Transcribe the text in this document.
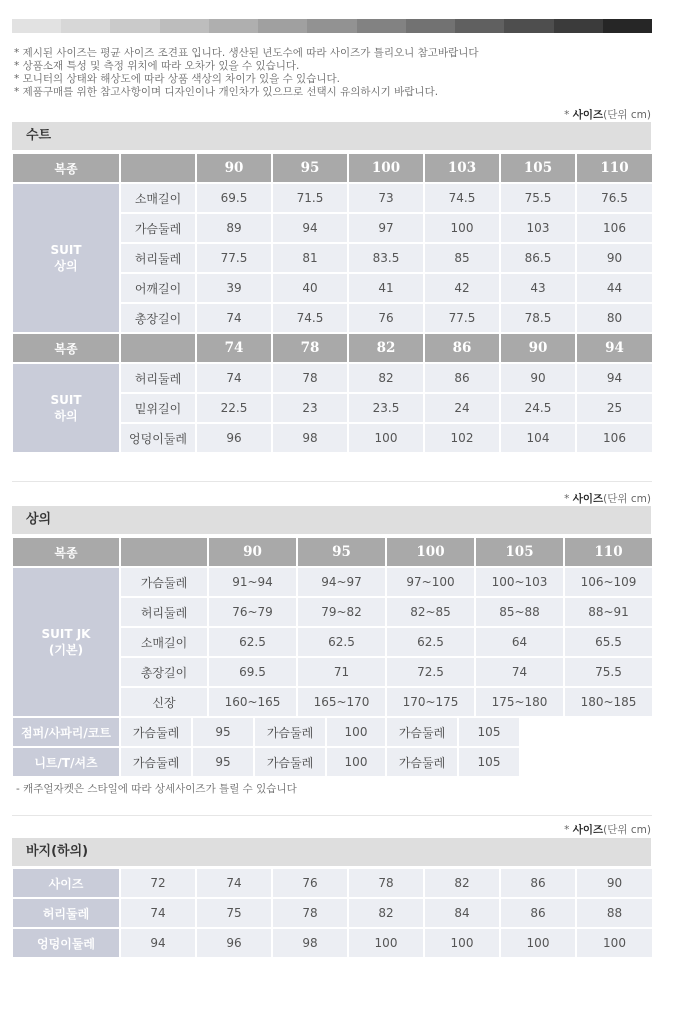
* 제시된 사이즈는 평균 사이즈 조견표 입니다. 생산된 년도수에 따라 사이즈가 틀리오니 참고바랍니다
* 상품소재 특성 및 측정 위치에 따라 오차가 있을 수 있습니다.
* 모니터의 상태와 해상도에 따라 상품 색상의 차이가 있을 수 있습니다.
* 제품구매를 위한 참고사항이며 디자인이나 개인차가 있으므로 선택시 유의하시기 바랍니다.
* 사이즈(단위 cm)
수트
복종		90	95	100	103	105	110

SUIT
상의	소매길이	69.5	71.5	73	74.5	75.5	76.5
	가슴둘레	89	94	97	100	103	106
	허리둘레	77.5	81	83.5	85	86.5	90
	어깨길이	39	40	41	42	43	44
	총장길이	74	74.5	76	77.5	78.5	80
복종		74	78	82	86	90	94

SUIT
하의	허리둘레	74	78	82	86	90	94
	밑위길이	22.5	23	23.5	24	24.5	25
	엉덩이둘레	96	98	100	102	104	106
* 사이즈(단위 cm)
상의
복종		90	95	100	105	110

SUIT JK
(기본)	가슴둘레	91~94	94~97	97~100	100~103	106~109
	허리둘레	76~79	79~82	82~85	85~88	88~91
	소매길이	62.5	62.5	62.5	64	65.5
	총장길이	69.5	71	72.5	74	75.5
	신장	160~165	165~170	170~175	175~180	180~185
점퍼/사파리/코트	가슴둘레	95	가슴둘레	100	가슴둘레	105
니트/T/셔츠	가슴둘레	95	가슴둘레	100	가슴둘레	105
- 캐주얼자켓은 스타일에 따라 상세사이즈가 틀릴 수 있습니다
* 사이즈(단위 cm)
바지(하의)
사이즈	72	74	76	78	82	86	90
허리둘레	74	75	78	82	84	86	88
엉덩이둘레	94	96	98	100	100	100	100
